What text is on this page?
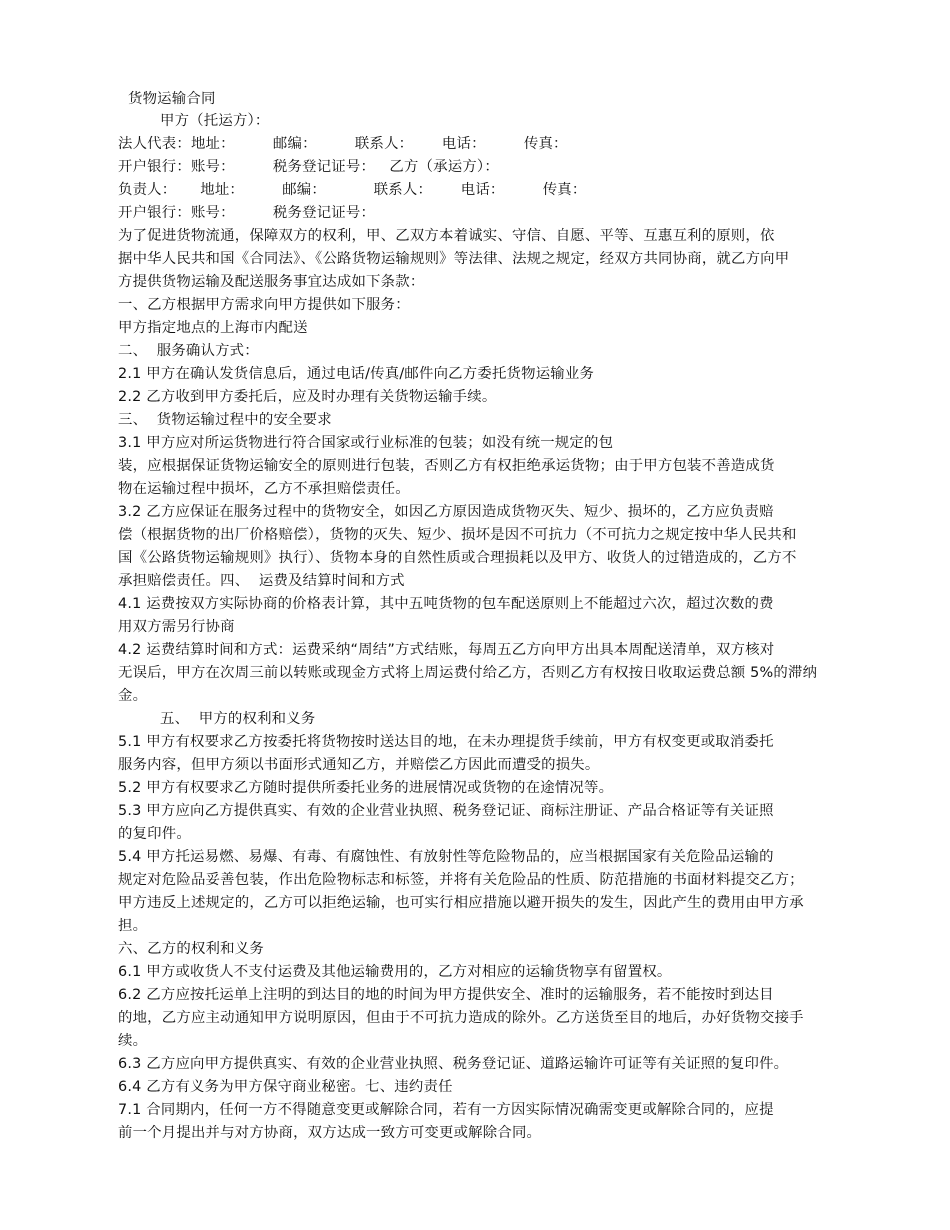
货物运输合同
甲方（托运方）：
法人代表：地址：        邮编：        联系人：      电话：        传真：
开户银行：账号：        税务登记证号：   乙方（承运方）：
负责人：     地址：        邮编：          联系人：      电话：        传真：
开户银行：账号：        税务登记证号：
为了促进货物流通，保障双方的权利，甲、乙双方本着诚实、守信、自愿、平等、互惠互利的原则，依
据中华人民共和国《合同法》、《公路货物运输规则》等法律、法规之规定，经双方共同协商，就乙方向甲
方提供货物运输及配送服务事宜达成如下条款：
一、乙方根据甲方需求向甲方提供如下服务：
甲方指定地点的上海市内配送
二、  服务确认方式：
2.1 甲方在确认发货信息后，通过电话/传真/邮件向乙方委托货物运输业务
2.2 乙方收到甲方委托后，应及时办理有关货物运输手续。
三、  货物运输过程中的安全要求
3.1 甲方应对所运货物进行符合国家或行业标准的包装；如没有统一规定的包
装，应根据保证货物运输安全的原则进行包装，否则乙方有权拒绝承运货物；由于甲方包装不善造成货
物在运输过程中损坏，乙方不承担赔偿责任。
3.2 乙方应保证在服务过程中的货物安全，如因乙方原因造成货物灭失、短少、损坏的，乙方应负责赔
偿（根据货物的出厂价格赔偿），货物的灭失、短少、损坏是因不可抗力（不可抗力之规定按中华人民共和
国《公路货物运输规则》执行）、货物本身的自然性质或合理损耗以及甲方、收货人的过错造成的，乙方不
承担赔偿责任。四、  运费及结算时间和方式
4.1 运费按双方实际协商的价格表计算，其中五吨货物的包车配送原则上不能超过六次，超过次数的费
用双方需另行协商
4.2 运费结算时间和方式：运费采纳“周结”方式结账，每周五乙方向甲方出具本周配送清单，双方核对
无误后，甲方在次周三前以转账或现金方式将上周运费付给乙方，否则乙方有权按日收取运费总额 5%的滞纳
金。
五、  甲方的权利和义务
5.1 甲方有权要求乙方按委托将货物按时送达目的地，在未办理提货手续前，甲方有权变更或取消委托
服务内容，但甲方须以书面形式通知乙方，并赔偿乙方因此而遭受的损失。
5.2 甲方有权要求乙方随时提供所委托业务的进展情况或货物的在途情况等。
5.3 甲方应向乙方提供真实、有效的企业营业执照、税务登记证、商标注册证、产品合格证等有关证照
的复印件。
5.4 甲方托运易燃、易爆、有毒、有腐蚀性、有放射性等危险物品的，应当根据国家有关危险品运输的
规定对危险品妥善包装，作出危险物标志和标签，并将有关危险品的性质、防范措施的书面材料提交乙方；
甲方违反上述规定的，乙方可以拒绝运输，也可实行相应措施以避开损失的发生，因此产生的费用由甲方承
担。
六、乙方的权利和义务
6.1 甲方或收货人不支付运费及其他运输费用的，乙方对相应的运输货物享有留置权。
6.2 乙方应按托运单上注明的到达目的地的时间为甲方提供安全、准时的运输服务，若不能按时到达目
的地，乙方应主动通知甲方说明原因，但由于不可抗力造成的除外。乙方送货至目的地后，办好货物交接手
续。
6.3 乙方应向甲方提供真实、有效的企业营业执照、税务登记证、道路运输许可证等有关证照的复印件。
6.4 乙方有义务为甲方保守商业秘密。七、违约责任
7.1 合同期内，任何一方不得随意变更或解除合同，若有一方因实际情况确需变更或解除合同的，应提
前一个月提出并与对方协商，双方达成一致方可变更或解除合同。
